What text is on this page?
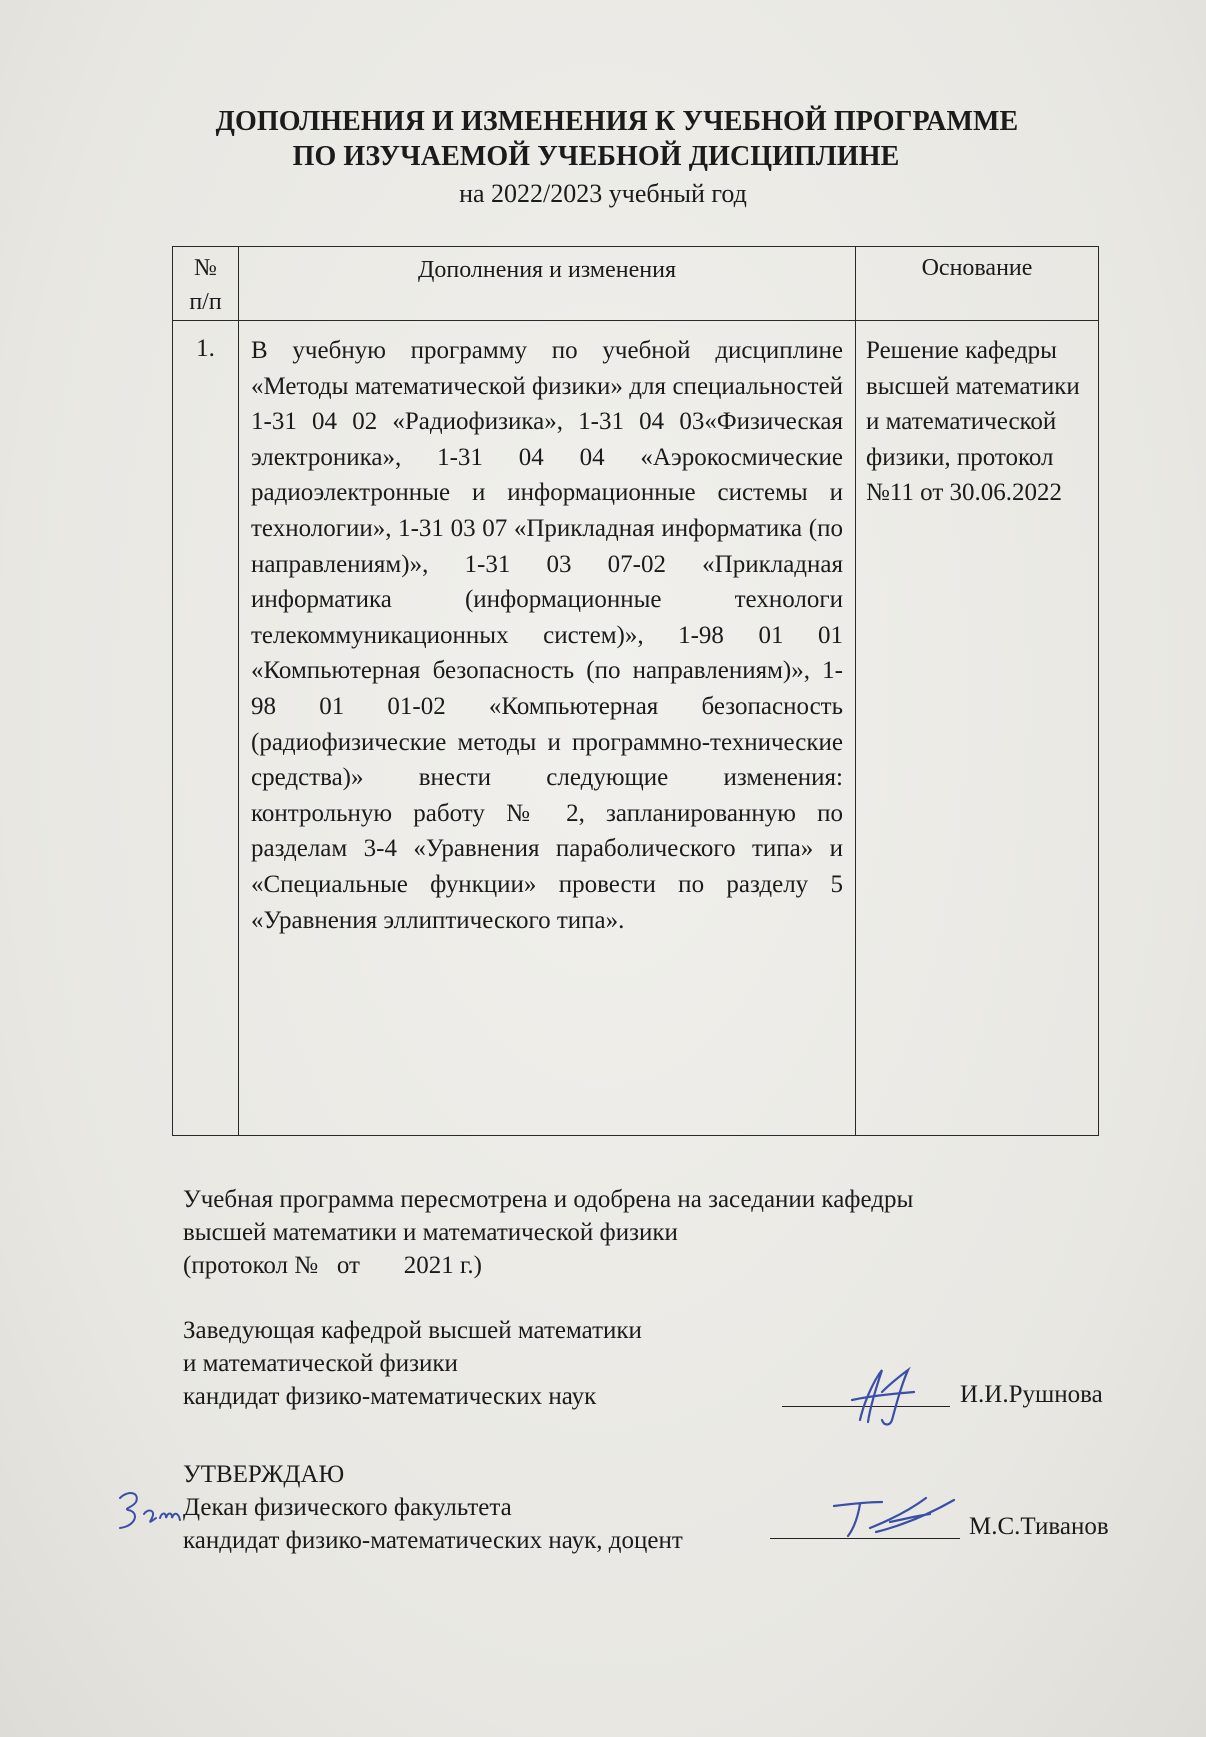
ДОПОЛНЕНИЯ И ИЗМЕНЕНИЯ К УЧЕБНОЙ ПРОГРАММЕ
ПО ИЗУЧАЕМОЙ УЧЕБНОЙ ДИСЦИПЛИНЕ
на 2022/2023 учебный год
№
п/п	Дополнения и изменения	Основание
1.	В учебную программу по учебной дисциплине «Методы математической физики» для специальностей 1-31 04 02 «Радиофизика», 1-31 04 03«Физическая электроника», 1-31 04 04 «Аэрокосмические радиоэлектронные и информационные системы и технологии», 1-31 03 07 «Прикладная информатика (по направлениям)», 1-31 03 07-02 «Прикладная информатика (информационные технологи телекоммуникационных систем)», 1-98 01 01 «Компьютерная безопасность (по направлениям)», 1-98 01 01-02 «Компьютерная безопасность (радиофизические методы и программно-технические средства)» внести следующие изменения: контрольную работу № 2, запланированную по разделам 3-4 «Уравнения параболического типа» и «Специальные функции» провести по разделу 5 «Уравнения эллиптического типа».	Решение кафедры высшей математики и математической физики, протокол №11 от 30.06.2022
Учебная программа пересмотрена и одобрена на заседании кафедры
высшей математики и математической физики
(протокол №   от       2021 г.)
Заведующая кафедрой высшей математики
и математической физики
кандидат физико-математических наук	И.И.Рушнова
УТВЕРЖДАЮ
Декан физического факультета
кандидат физико-математических наук, доцент
М.С.Тиванов
